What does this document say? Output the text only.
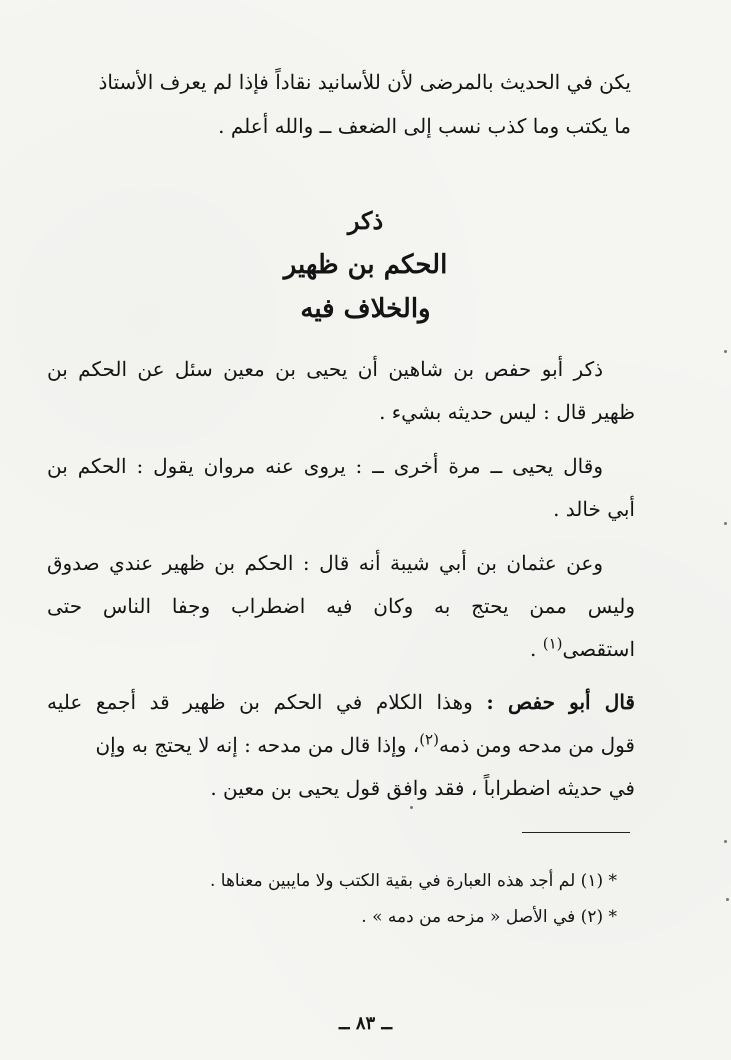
يكن في الحديث بالمرضى لأن للأسانيد نقاداً فإذا لم يعرف الأستاذ
ما يكتب وما كذب نسب إلى الضعف ــ والله أعلم .
ذكر
الحكم بن ظهير
والخلاف فيه
ذكر أبو حفص بن شاهين أن يحيى بن معين سئل عن الحكم بن
ظهير قال : ليس حديثه بشيء .
وقال يحيى ــ مرة أخرى ــ : يروى عنه مروان يقول : الحكم بن
أبي خالد .
وعن عثمان بن أبي شيبة أنه قال : الحكم بن ظهير عندي صدوق
وليس ممن يحتج به وكان فيه اضطراب وجفا الناس حتى
استقصى$^{(١)}$ .
قال أبو حفص : وهذا الكلام في الحكم بن ظهير قد أجمع عليه
قول من مدحه ومن ذمه$^{(٢)}$، وإذا قال من مدحه : إنه لا يحتج به وإن
في حديثه اضطراباً ، فقد وافق قول يحيى بن معين .
* (١) لم أجد هذه العبارة في بقية الكتب ولا مايبين معناها .
* (٢) في الأصل « مزحه من دمه » .
ــ ٨٣ ــ
